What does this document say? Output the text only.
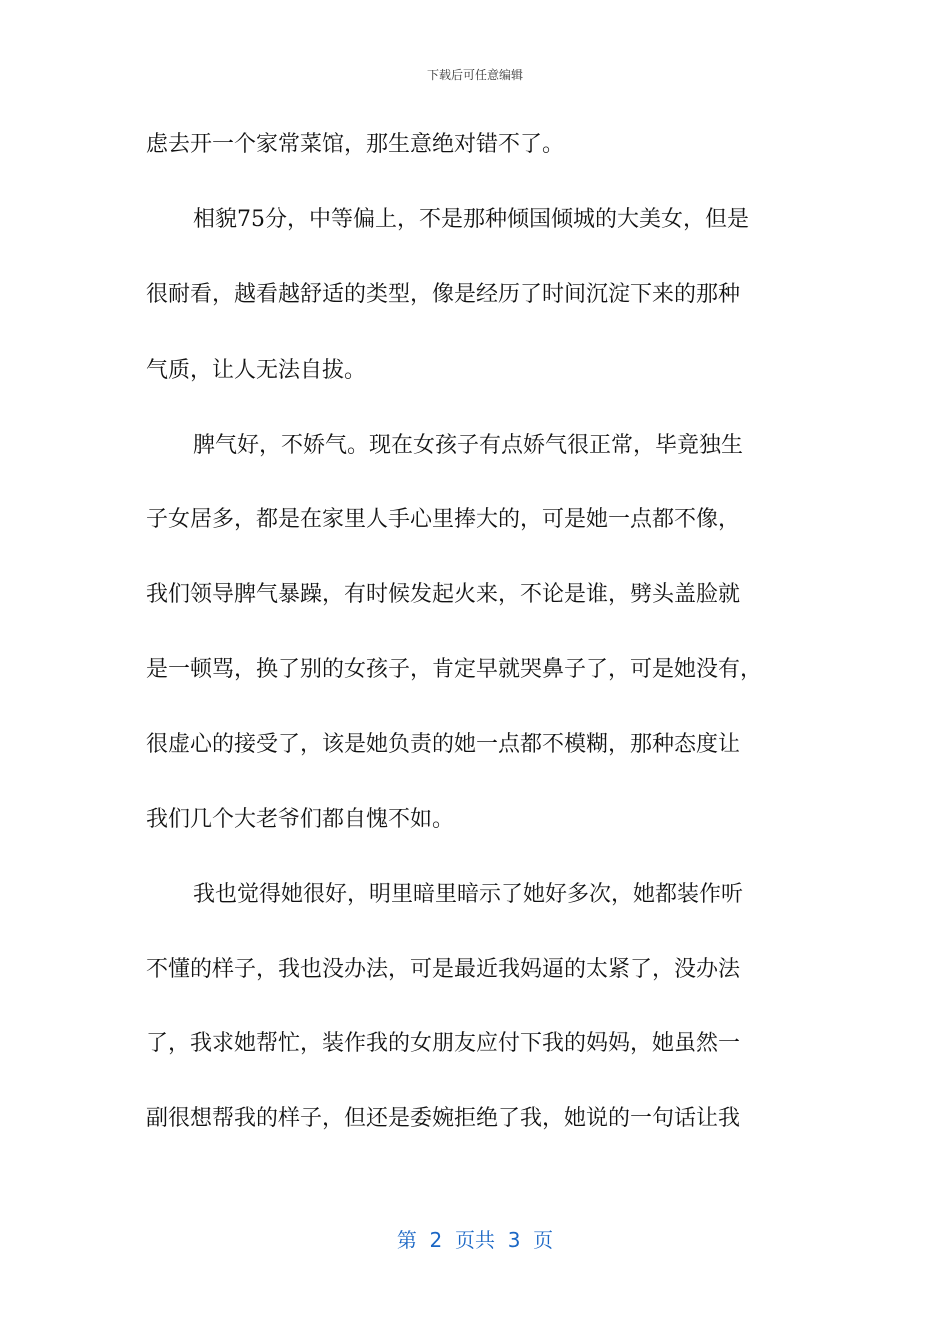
下载后可任意编辑
虑去开一个家常菜馆，那生意绝对错不了。
相貌75分，中等偏上，不是那种倾国倾城的大美女，但是
很耐看，越看越舒适的类型，像是经历了时间沉淀下来的那种
气质，让人无法自拔。
脾气好，不娇气。现在女孩子有点娇气很正常，毕竟独生
子女居多，都是在家里人手心里捧大的，可是她一点都不像，
我们领导脾气暴躁，有时候发起火来，不论是谁，劈头盖脸就
是一顿骂，换了别的女孩子，肯定早就哭鼻子了，可是她没有，
很虚心的接受了，该是她负责的她一点都不模糊，那种态度让
我们几个大老爷们都自愧不如。
我也觉得她很好，明里暗里暗示了她好多次，她都装作听
不懂的样子，我也没办法，可是最近我妈逼的太紧了，没办法
了，我求她帮忙，装作我的女朋友应付下我的妈妈，她虽然一
副很想帮我的样子，但还是委婉拒绝了我，她说的一句话让我
第  2  页共  3  页
